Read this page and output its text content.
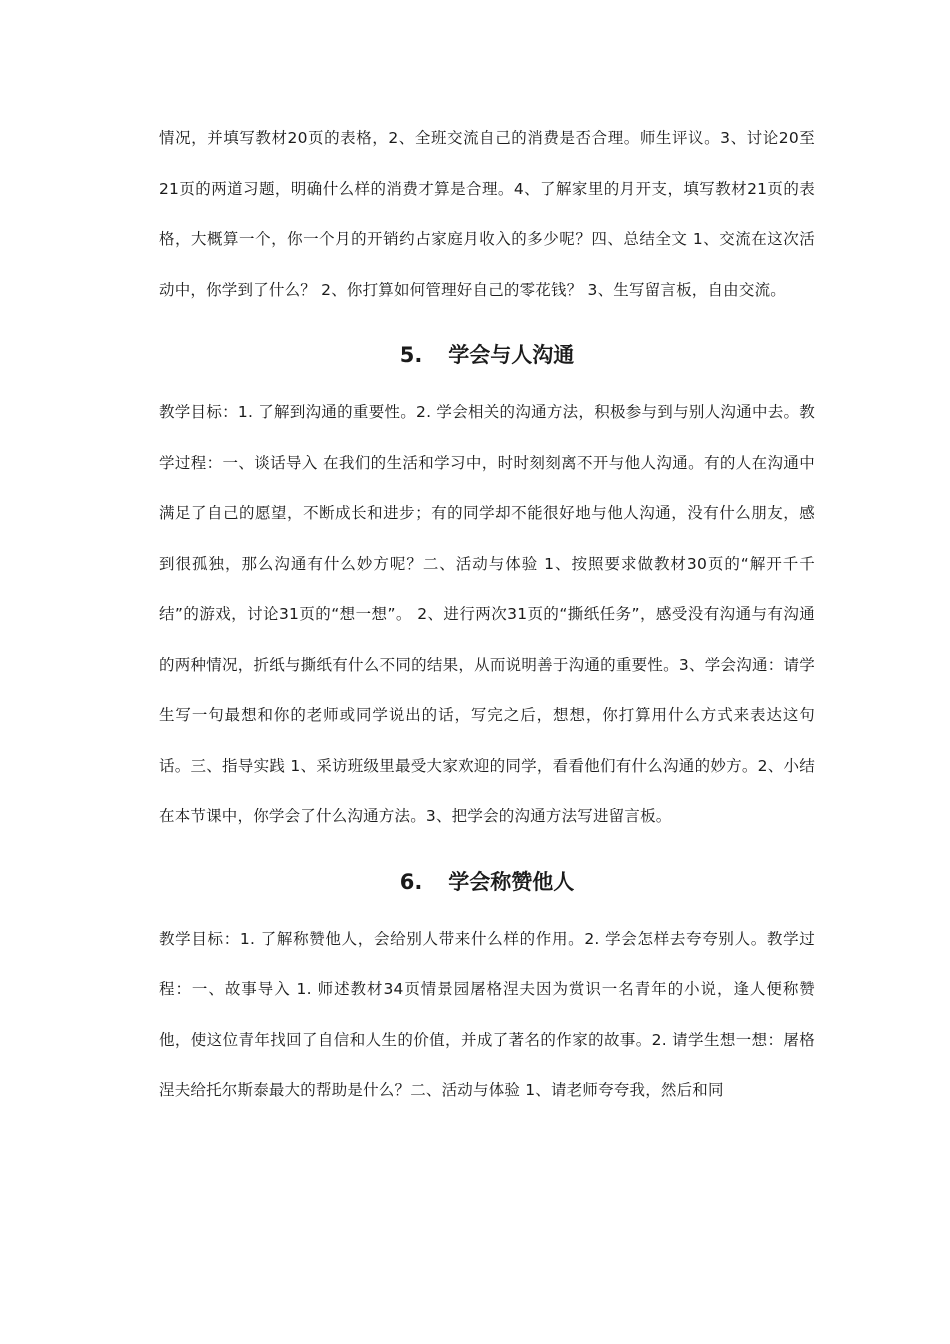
情况，并填写教材20页的表格，2、全班交流自己的消费是否合理。师生评议。3、讨论20至21页的两道习题，明确什么样的消费才算是合理。4、了解家里的月开支，填写教材21页的表格，大概算一个，你一个月的开销约占家庭月收入的多少呢？四、总结全文 1、交流在这次活动中，你学到了什么？ 2、你打算如何管理好自己的零花钱？ 3、生写留言板，自由交流。

5. 学会与人沟通

教学目标：1. 了解到沟通的重要性。2. 学会相关的沟通方法，积极参与到与别人沟通中去。教学过程：一、谈话导入 在我们的生活和学习中，时时刻刻离不开与他人沟通。有的人在沟通中满足了自己的愿望，不断成长和进步；有的同学却不能很好地与他人沟通，没有什么朋友，感到很孤独，那么沟通有什么妙方呢？二、活动与体验 1、按照要求做教材30页的“解开千千结”的游戏，讨论31页的“想一想”。 2、进行两次31页的“撕纸任务”，感受没有沟通与有沟通的两种情况，折纸与撕纸有什么不同的结果，从而说明善于沟通的重要性。3、学会沟通：请学生写一句最想和你的老师或同学说出的话，写完之后，想想，你打算用什么方式来表达这句话。三、指导实践 1、采访班级里最受大家欢迎的同学，看看他们有什么沟通的妙方。2、小结在本节课中，你学会了什么沟通方法。3、把学会的沟通方法写进留言板。

6. 学会称赞他人

教学目标：1. 了解称赞他人，会给别人带来什么样的作用。2. 学会怎样去夸夸别人。教学过程：一、故事导入 1. 师述教材34页情景园屠格涅夫因为赏识一名青年的小说，逢人便称赞他，使这位青年找回了自信和人生的价值，并成了著名的作家的故事。2. 请学生想一想：屠格涅夫给托尔斯泰最大的帮助是什么？二、活动与体验 1、请老师夸夸我，然后和同
